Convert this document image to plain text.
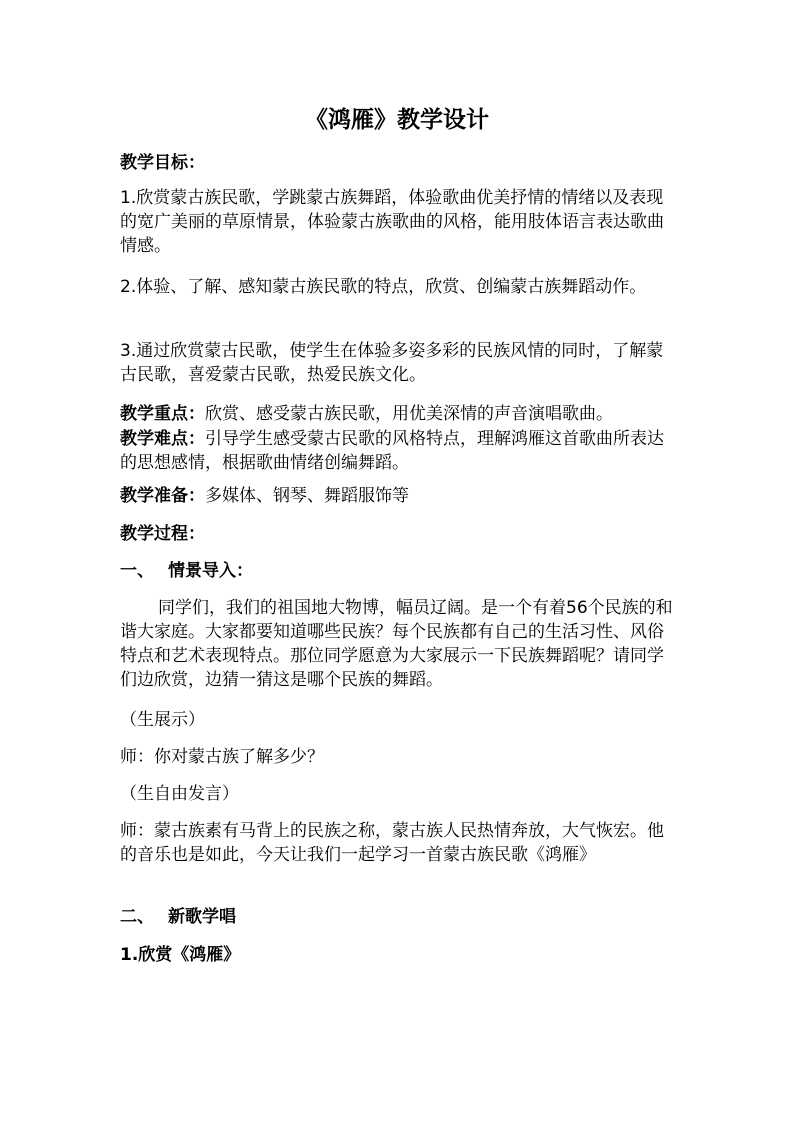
《鸿雁》教学设计

教学目标：

1.欣赏蒙古族民歌，学跳蒙古族舞蹈，体验歌曲优美抒情的情绪以及表现的宽广美丽的草原情景，体验蒙古族歌曲的风格，能用肢体语言表达歌曲情感。

2.体验、了解、感知蒙古族民歌的特点，欣赏、创编蒙古族舞蹈动作。

3.通过欣赏蒙古民歌，使学生在体验多姿多彩的民族风情的同时，了解蒙古民歌，喜爱蒙古民歌，热爱民族文化。

教学重点：欣赏、感受蒙古族民歌，用优美深情的声音演唱歌曲。

教学难点：引导学生感受蒙古民歌的风格特点，理解鸿雁这首歌曲所表达的思想感情，根据歌曲情绪创编舞蹈。

教学准备：多媒体、钢琴、舞蹈服饰等

教学过程：

一、 情景导入：

同学们，我们的祖国地大物博，幅员辽阔。是一个有着56个民族的和谐大家庭。大家都要知道哪些民族？每个民族都有自己的生活习性、风俗特点和艺术表现特点。那位同学愿意为大家展示一下民族舞蹈呢？请同学们边欣赏，边猜一猜这是哪个民族的舞蹈。

（生展示）

师：你对蒙古族了解多少？

（生自由发言）

师：蒙古族素有马背上的民族之称，蒙古族人民热情奔放，大气恢宏。他的音乐也是如此，今天让我们一起学习一首蒙古族民歌《鸿雁》

二、 新歌学唱

1.欣赏《鸿雁》
